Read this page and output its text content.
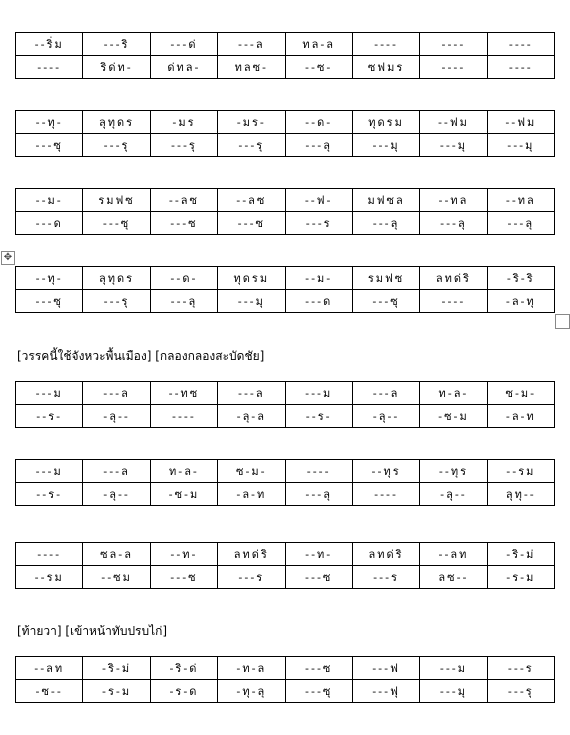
--ริ่ม	---ริ	---ด่	---ล	ทล-ล	----	----	----
----	ริด่ท-	ด่ทล-	ทลซ-	--ซ-	ซฟมร	----	----
--ทุ-	ลุทุดร	-มร	-มร-	--ด-	ทุดรม	--ฟม	--ฟม
---ซุ	---รุ	---รุ	---รุ	---ลุ	---มุ	---มุ	---มุ
--ม-	รมฟซ	--ลซ	--ลซ	--ฟ-	มฟซล	--ทล	--ทล
---ด	---ซุ	---ซ	---ซ	---ร	---ลุ	---ลุ	---ลุ
--ทุ-	ลุทุดร	--ด-	ทุดรม	--ม-	รมฟซ	ลทด่ริ	-ริ-ริ
---ซุ	---รุ	---ลุ	---มุ	---ด	---ซุ	----	-ล-ทุ
---ม	---ล	--ทซ	---ล	---ม	---ล	ท-ล-	ซ-ม-
--ร-	-ลุ--	----	-ลุ-ล	--ร-	-ลุ--	-ซ-ม	-ล-ท
---ม	---ล	ท-ล-	ซ-ม-	----	--ทุร	--ทุร	--รม
--ร-	-ลุ--	-ซ-ม	-ล-ท	---ลุ	----	-ลุ--	ลุทุ--
----	ซล-ล	--ท-	ลทด่ริ	--ท-	ลทด่ริ	--ลท	-ริ-ม่
--รม	--ซม	---ซ	---ร	---ซ	---ร	ลซ--	-ร-ม
--ลท	-ริ-ม่	-ริ-ด่	-ท-ล	---ซ	---ฟ	---ม	---ร
-ซ--	-ร-ม	-ร-ด	-ทุ-ลุ	---ซุ	---ฟุ	---มุ	---รุ
[วรรคนี้ใช้จังหวะพื้นเมือง] [กลองกลองสะบัดชัย]
[ท้ายวา] [เข้าหน้าทับปรบไก่]
✥
